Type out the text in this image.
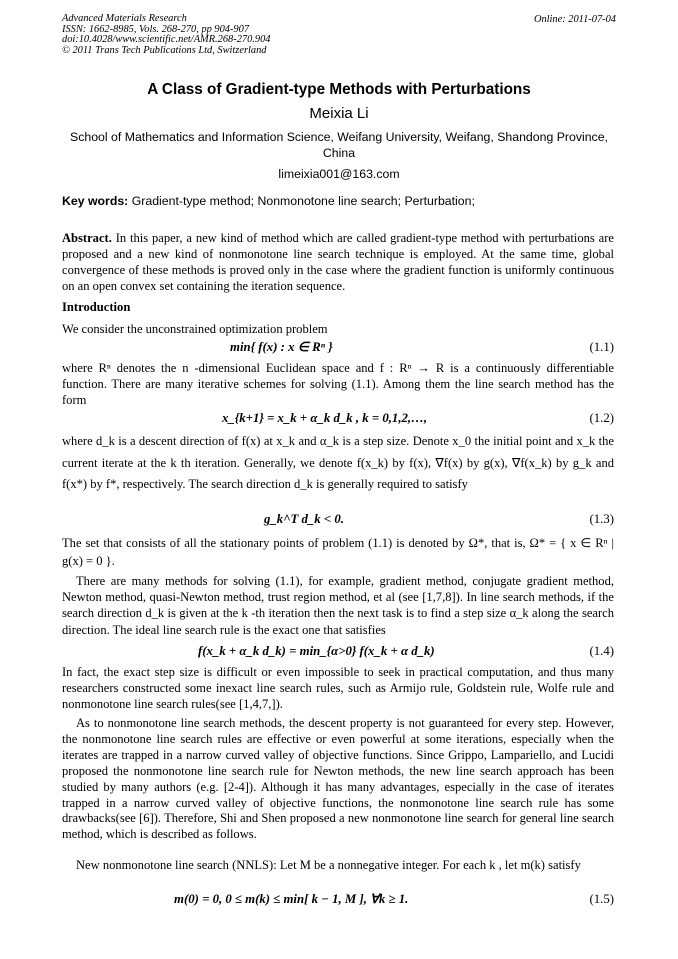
Advanced Materials Research
ISSN: 1662-8985, Vols. 268-270, pp 904-907
doi:10.4028/www.scientific.net/AMR.268-270.904
© 2011 Trans Tech Publications Ltd, Switzerland
Online: 2011-07-04
A Class of Gradient-type Methods with Perturbations
Meixia Li
School of Mathematics and Information Science, Weifang University, Weifang, Shandong Province, China
limeixia001@163.com
Key words: Gradient-type method; Nonmonotone line search; Perturbation;
Abstract. In this paper, a new kind of method which are called gradient-type method with perturbations are proposed and a new kind of nonmonotone line search technique is employed. At the same time, global convergence of these methods is proved only in the case where the gradient function is uniformly continuous on an open convex set containing the iteration sequence.
Introduction
We consider the unconstrained optimization problem
min{ f(x) : x ∈ Rⁿ }	(1.1)
where Rⁿ denotes the n -dimensional Euclidean space and f : Rⁿ → R is a continuously differentiable function. There are many iterative schemes for solving (1.1). Among them the line search method has the form
x_{k+1} = x_k + α_k d_k , k = 0,1,2,…,	(1.2)
where d_k is a descent direction of f(x) at x_k and α_k is a step size. Denote x_0 the initial point and x_k the current iterate at the k th iteration. Generally, we denote f(x_k) by f(x), ∇f(x) by g(x), ∇f(x_k) by g_k and f(x*) by f*, respectively. The search direction d_k is generally required to satisfy
g_k^T d_k < 0.	(1.3)
The set that consists of all the stationary points of problem (1.1) is denoted by Ω*, that is, Ω* = { x ∈ Rⁿ | g(x) = 0 }.
There are many methods for solving (1.1), for example, gradient method, conjugate gradient method, Newton method, quasi-Newton method, trust region method, et al (see [1,7,8]). In line search methods, if the search direction d_k is given at the k -th iteration then the next task is to find a step size α_k along the search direction. The ideal line search rule is the exact one that satisfies
f(x_k + α_k d_k) = min_{α>0} f(x_k + α d_k)	(1.4)
In fact, the exact step size is difficult or even impossible to seek in practical computation, and thus many researchers constructed some inexact line search rules, such as Armijo rule, Goldstein rule, Wolfe rule and nonmonotone line search rules(see [1,4,7,]).
As to nonmonotone line search methods, the descent property is not guaranteed for every step. However, the nonmonotone line search rules are effective or even powerful at some iterations, especially when the iterates are trapped in a narrow curved valley of objective functions. Since Grippo, Lampariello, and Lucidi proposed the nonmonotone line search rule for Newton methods, the new line search approach has been studied by many authors (e.g. [2-4]). Although it has many advantages, especially in the case of iterates trapped in a narrow curved valley of objective functions, the nonmonotone line search rule has some drawbacks(see [6]). Therefore, Shi and Shen proposed a new nonmonotone line search for general line search method, which is described as follows.
New nonmonotone line search (NNLS): Let M be a nonnegative integer. For each k , let m(k) satisfy
m(0) = 0, 0 ≤ m(k) ≤ min[ k − 1, M ], ∀k ≥ 1.	(1.5)
